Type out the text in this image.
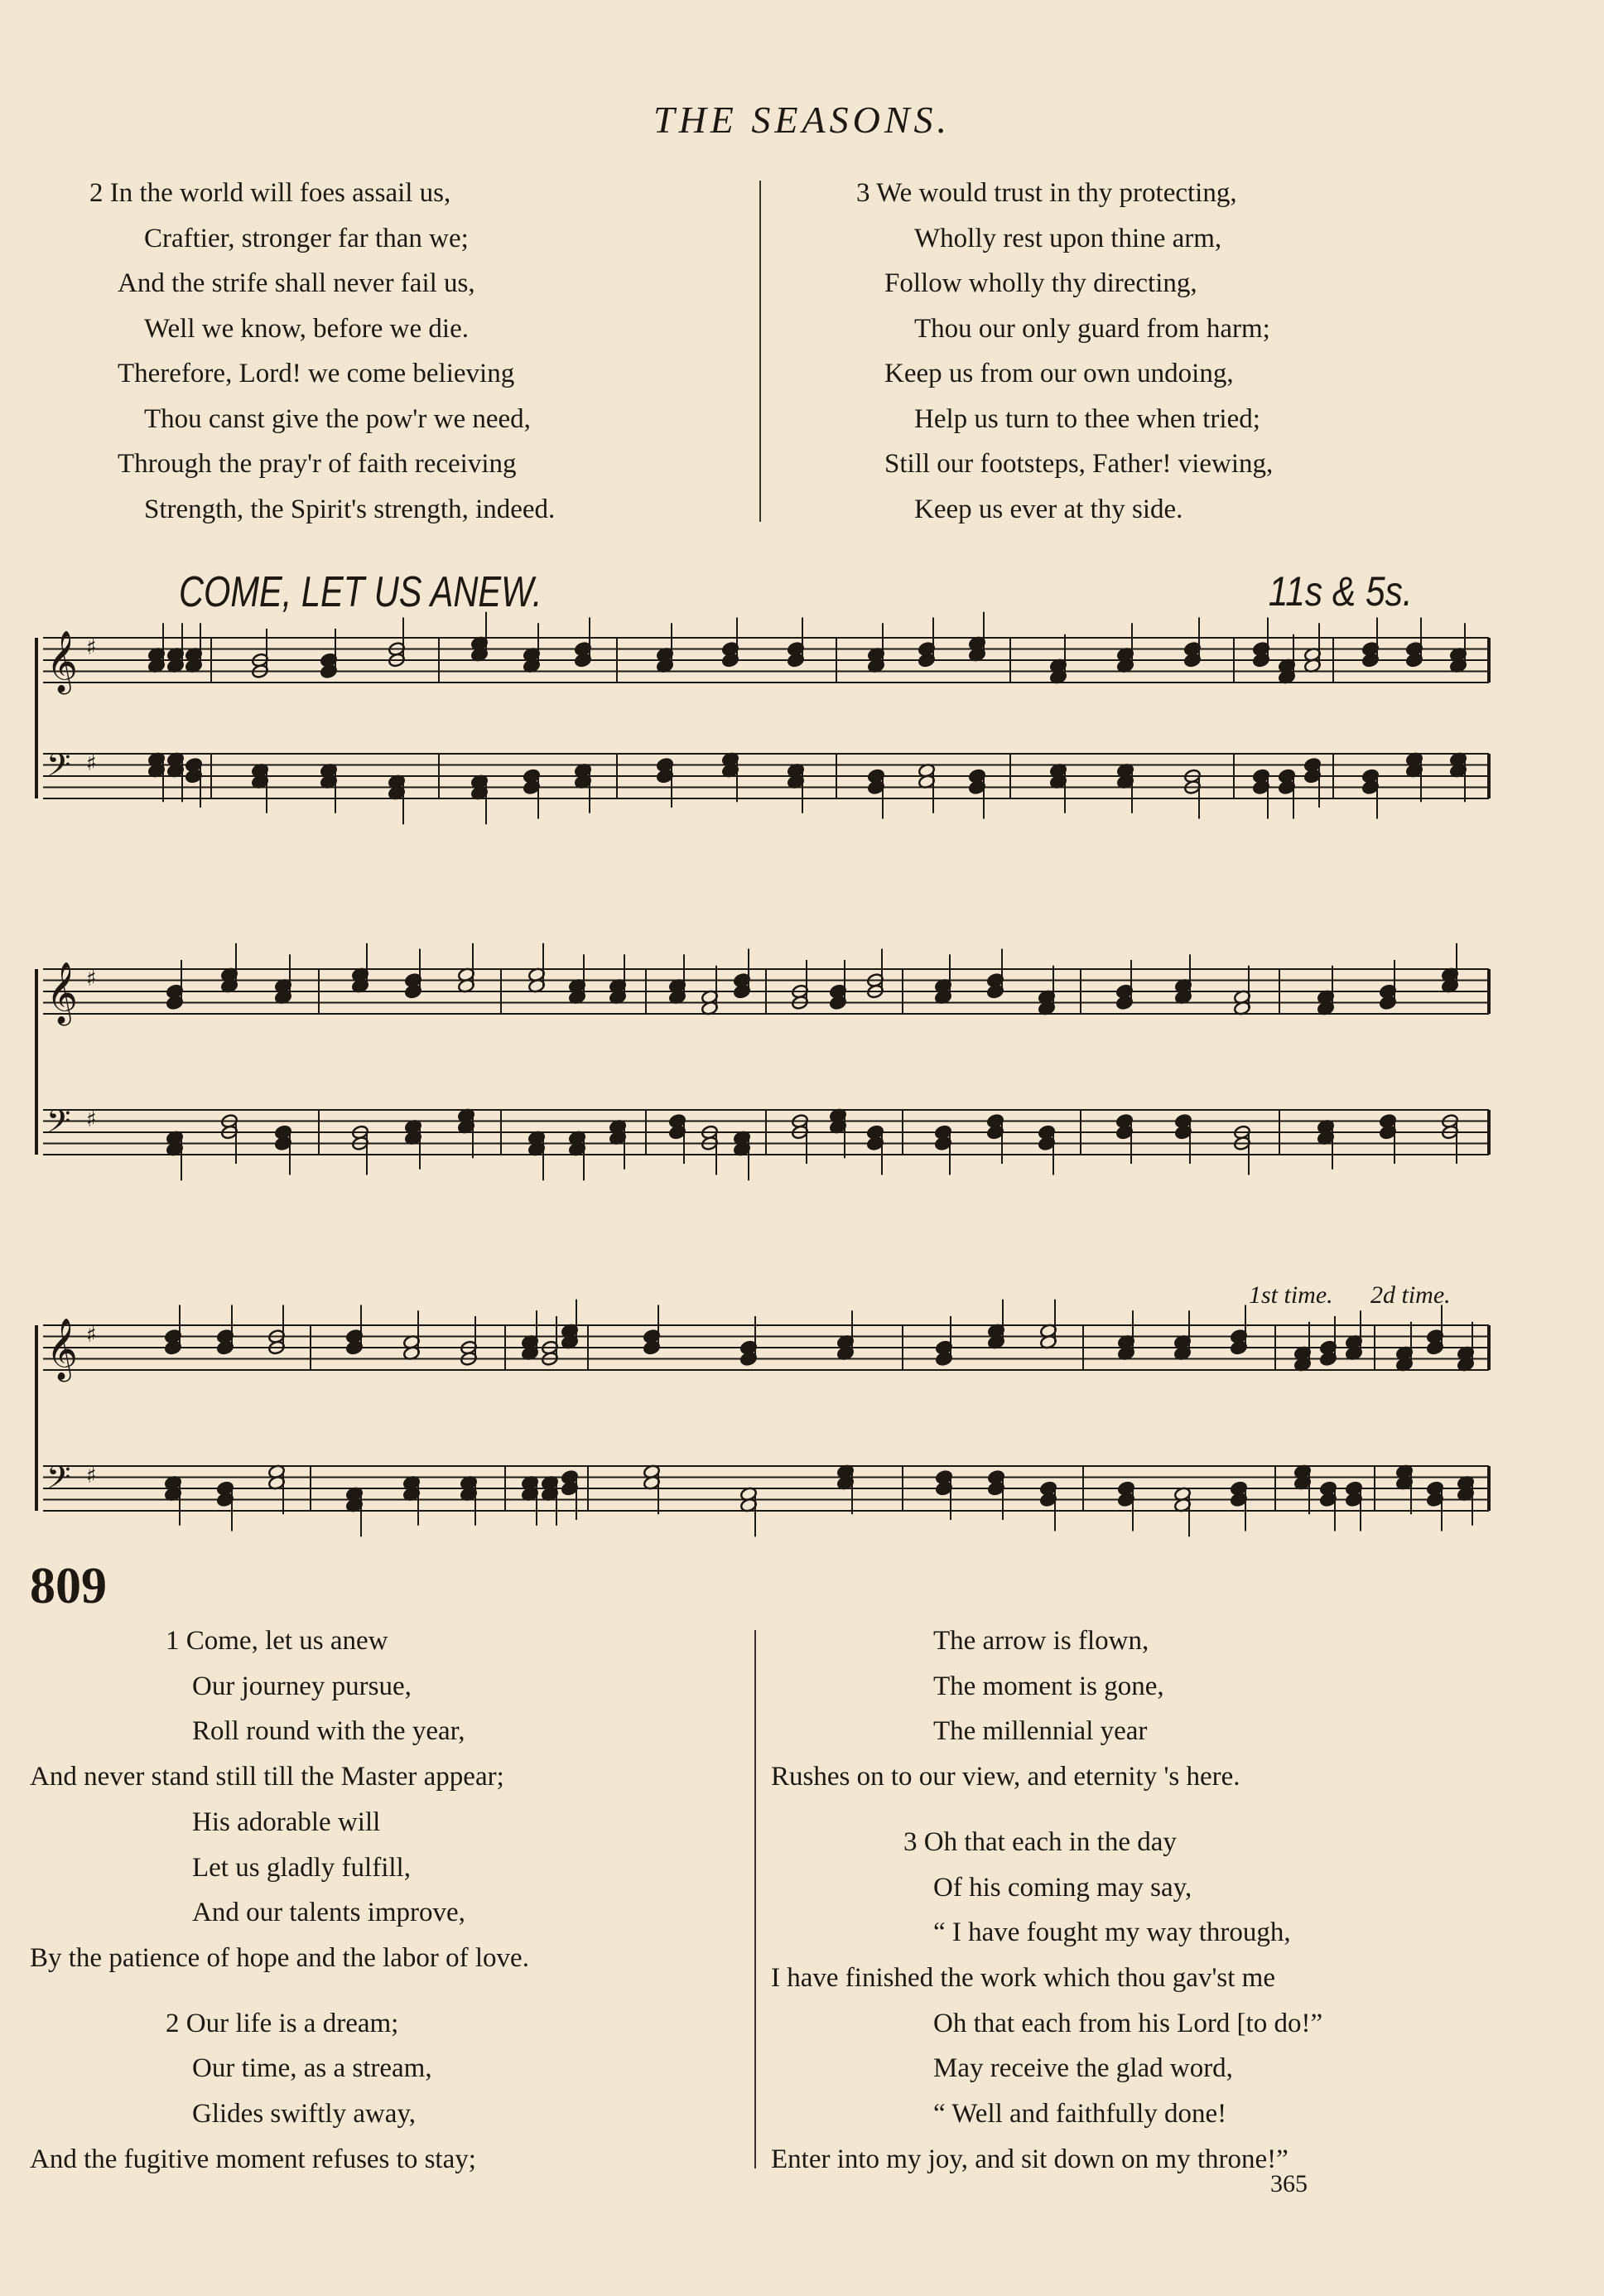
THE SEASONS.
2 In the world will foes assail us,
Craftier, stronger far than we;
And the strife shall never fail us,
Well we know, before we die.
Therefore, Lord! we come believing
Thou canst give the pow'r we need,
Through the pray'r of faith receiving
Strength, the Spirit's strength, indeed.
3 We would trust in thy protecting,
Wholly rest upon thine arm,
Follow wholly thy directing,
Thou our only guard from harm;
Keep us from our own undoing,
Help us turn to thee when tried;
Still our footsteps, Father! viewing,
Keep us ever at thy side.
COME, LET US ANEW.	11s & 5s.
𝄞 ♯
𝄢 ♯
𝄞 ♯
𝄢 ♯
𝄞 ♯
𝄢 ♯
1st time. 2d time.
809
1 Come, let us anew
Our journey pursue,
Roll round with the year,
And never stand still till the Master appear;
His adorable will
Let us gladly fulfill,
And our talents improve,
By the patience of hope and the labor of love.
2 Our life is a dream;
Our time, as a stream,
Glides swiftly away,
And the fugitive moment refuses to stay;
The arrow is flown,
The moment is gone,
The millennial year
Rushes on to our view, and eternity 's here.
3 Oh that each in the day
Of his coming may say,
“ I have fought my way through,
I have finished the work which thou gav'st me
Oh that each from his Lord [to do!”
May receive the glad word,
“ Well and faithfully done!
Enter into my joy, and sit down on my throne!”
365
